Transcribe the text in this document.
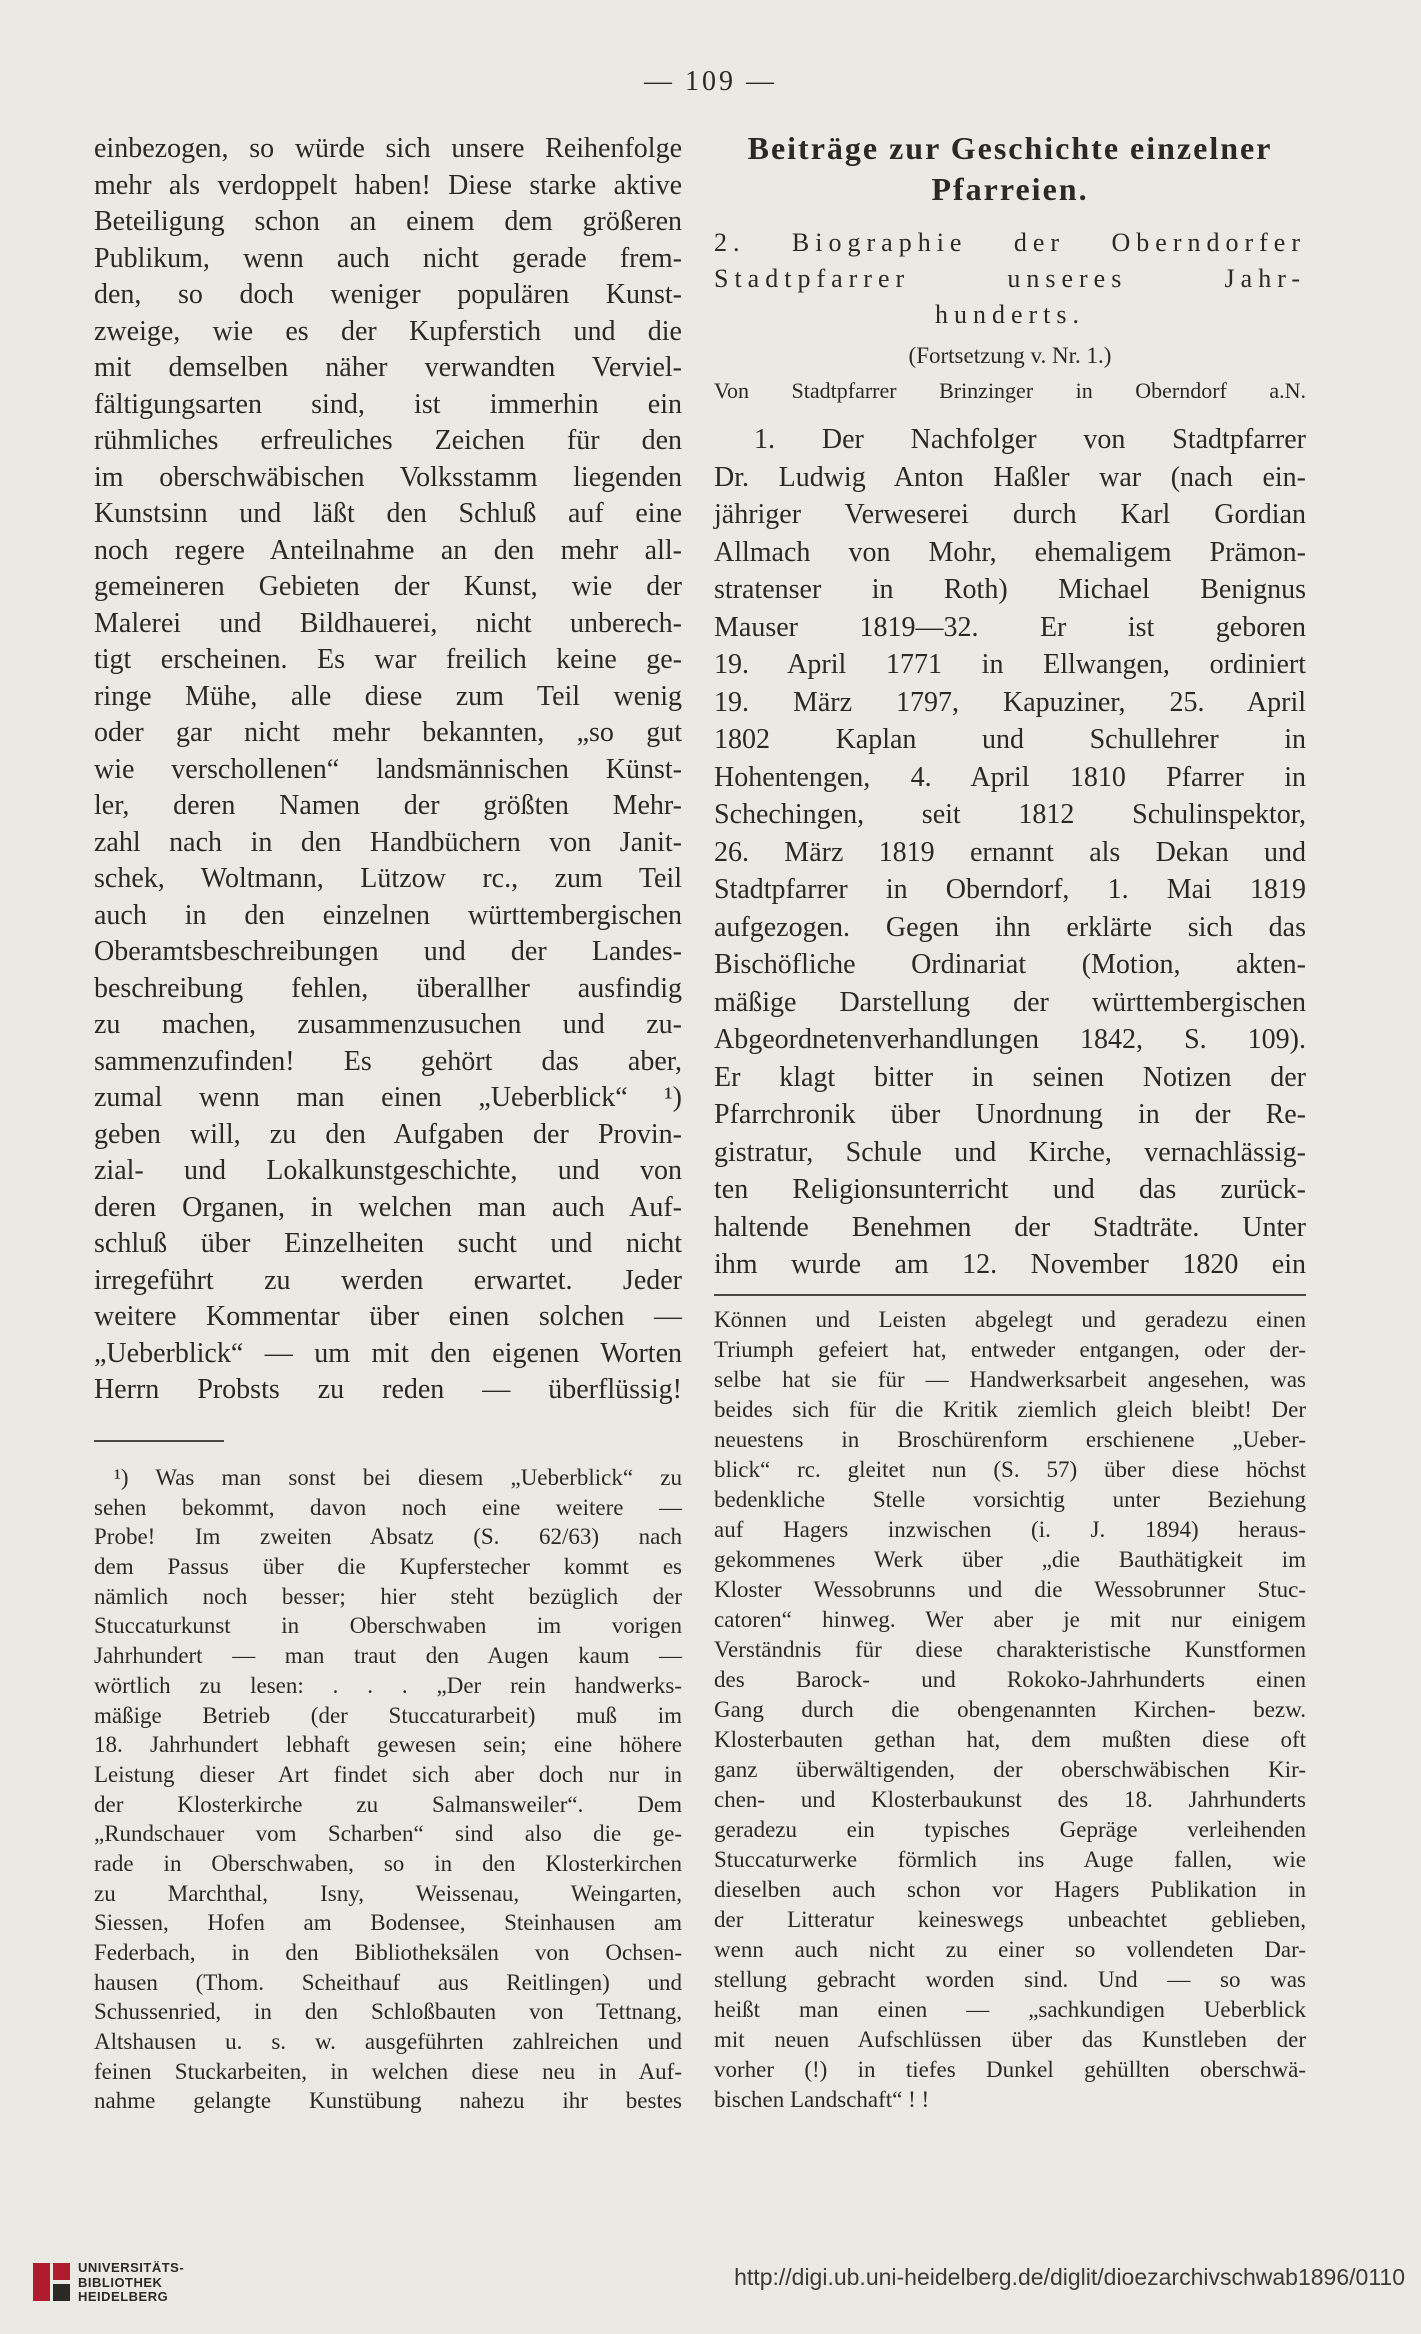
— 109 —
einbezogen, so würde sich unsere Reihenfolge
mehr als verdoppelt haben! Diese starke aktive
Beteiligung schon an einem dem größeren
Publikum, wenn auch nicht gerade frem-
den, so doch weniger populären Kunst-
zweige, wie es der Kupferstich und die
mit demselben näher verwandten Verviel-
fältigungsarten sind, ist immerhin ein
rühmliches erfreuliches Zeichen für den
im oberschwäbischen Volksstamm liegenden
Kunstsinn und läßt den Schluß auf eine
noch regere Anteilnahme an den mehr all-
gemeineren Gebieten der Kunst, wie der
Malerei und Bildhauerei, nicht unberech-
tigt erscheinen. Es war freilich keine ge-
ringe Mühe, alle diese zum Teil wenig
oder gar nicht mehr bekannten, „so gut
wie verschollenen“ landsmännischen Künst-
ler, deren Namen der größten Mehr-
zahl nach in den Handbüchern von Janit-
schek, Woltmann, Lützow rc., zum Teil
auch in den einzelnen württembergischen
Oberamtsbeschreibungen und der Landes-
beschreibung fehlen, überallher ausfindig
zu machen, zusammenzusuchen und zu-
sammenzufinden! Es gehört das aber,
zumal wenn man einen „Ueberblick“ ¹)
geben will, zu den Aufgaben der Provin-
zial- und Lokalkunstgeschichte, und von
deren Organen, in welchen man auch Auf-
schluß über Einzelheiten sucht und nicht
irregeführt zu werden erwartet. Jeder
weitere Kommentar über einen solchen —
„Ueberblick“ — um mit den eigenen Worten
Herrn Probsts zu reden — überflüssig!
¹) Was man sonst bei diesem „Ueberblick“ zu
sehen bekommt, davon noch eine weitere —
Probe! Im zweiten Absatz (S. 62/63) nach
dem Passus über die Kupferstecher kommt es
nämlich noch besser; hier steht bezüglich der
Stuccaturkunst in Oberschwaben im vorigen
Jahrhundert — man traut den Augen kaum —
wörtlich zu lesen: . . . „Der rein handwerks-
mäßige Betrieb (der Stuccaturarbeit) muß im
18. Jahrhundert lebhaft gewesen sein; eine höhere
Leistung dieser Art findet sich aber doch nur in
der Klosterkirche zu Salmansweiler“. Dem
„Rundschauer vom Scharben“ sind also die ge-
rade in Oberschwaben, so in den Klosterkirchen
zu Marchthal, Isny, Weissenau, Weingarten,
Siessen, Hofen am Bodensee, Steinhausen am
Federbach, in den Bibliotheksälen von Ochsen-
hausen (Thom. Scheithauf aus Reitlingen) und
Schussenried, in den Schloßbauten von Tettnang,
Altshausen u. s. w. ausgeführten zahlreichen und
feinen Stuckarbeiten, in welchen diese neu in Auf-
nahme gelangte Kunstübung nahezu ihr bestes
Beiträge zur Geschichte einzelner
Pfarreien.
2. Biographie der Oberndorfer
Stadtpfarrer unseres Jahr-
hunderts.
(Fortsetzung v. Nr. 1.)
Von Stadtpfarrer Brinzinger in Oberndorf a.N.
1. Der Nachfolger von Stadtpfarrer
Dr. Ludwig Anton Haßler war (nach ein-
jähriger Verweserei durch Karl Gordian
Allmach von Mohr, ehemaligem Prämon-
stratenser in Roth) Michael Benignus
Mauser 1819—32. Er ist geboren
19. April 1771 in Ellwangen, ordiniert
19. März 1797, Kapuziner, 25. April
1802 Kaplan und Schullehrer in
Hohentengen, 4. April 1810 Pfarrer in
Schechingen, seit 1812 Schulinspektor,
26. März 1819 ernannt als Dekan und
Stadtpfarrer in Oberndorf, 1. Mai 1819
aufgezogen. Gegen ihn erklärte sich das
Bischöfliche Ordinariat (Motion, akten-
mäßige Darstellung der württembergischen
Abgeordnetenverhandlungen 1842, S. 109).
Er klagt bitter in seinen Notizen der
Pfarrchronik über Unordnung in der Re-
gistratur, Schule und Kirche, vernachlässig-
ten Religionsunterricht und das zurück-
haltende Benehmen der Stadträte. Unter
ihm wurde am 12. November 1820 ein
Können und Leisten abgelegt und geradezu einen
Triumph gefeiert hat, entweder entgangen, oder der-
selbe hat sie für — Handwerksarbeit angesehen, was
beides sich für die Kritik ziemlich gleich bleibt! Der
neuestens in Broschürenform erschienene „Ueber-
blick“ rc. gleitet nun (S. 57) über diese höchst
bedenkliche Stelle vorsichtig unter Beziehung
auf Hagers inzwischen (i. J. 1894) heraus-
gekommenes Werk über „die Bauthätigkeit im
Kloster Wessobrunns und die Wessobrunner Stuc-
catoren“ hinweg. Wer aber je mit nur einigem
Verständnis für diese charakteristische Kunstformen
des Barock- und Rokoko-Jahrhunderts einen
Gang durch die obengenannten Kirchen- bezw.
Klosterbauten gethan hat, dem mußten diese oft
ganz überwältigenden, der oberschwäbischen Kir-
chen- und Klosterbaukunst des 18. Jahrhunderts
geradezu ein typisches Gepräge verleihenden
Stuccaturwerke förmlich ins Auge fallen, wie
dieselben auch schon vor Hagers Publikation in
der Litteratur keineswegs unbeachtet geblieben,
wenn auch nicht zu einer so vollendeten Dar-
stellung gebracht worden sind. Und — so was
heißt man einen — „sachkundigen Ueberblick
mit neuen Aufschlüssen über das Kunstleben der
vorher (!) in tiefes Dunkel gehüllten oberschwä-
bischen Landschaft“ ! !
UNIVERSITÄTS-
BIBLIOTHEK
HEIDELBERG
http://digi.ub.uni-heidelberg.de/diglit/dioezarchivschwab1896/0110
